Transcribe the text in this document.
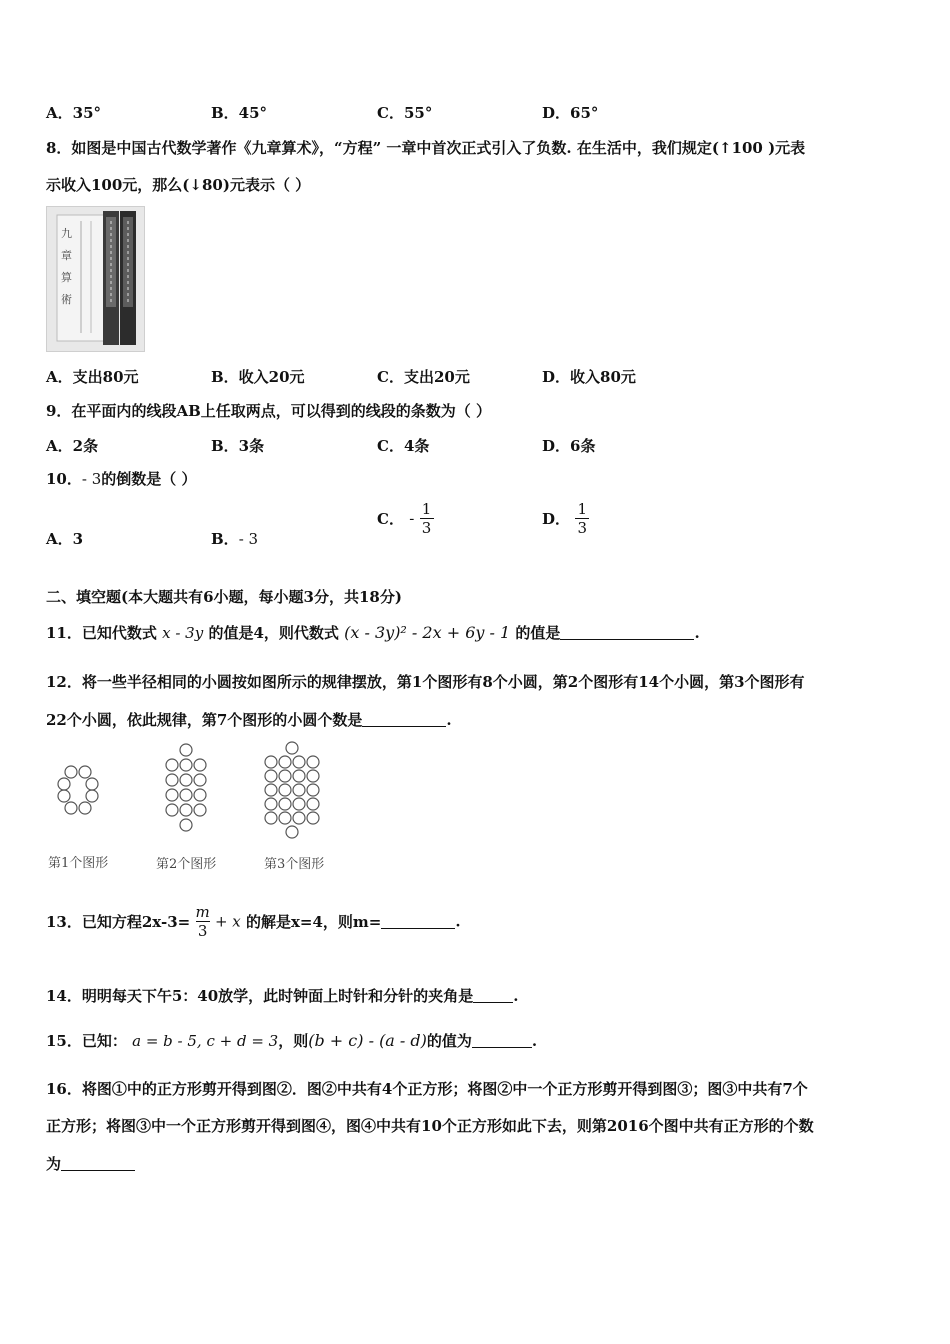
A．35°	B．45°	C．55°	D．65°
8．如图是中国古代数学著作《九章算术》，“方程” 一章中首次正式引入了负数. 在生活中，我们规定(↑100 )元表
示收入100元，那么(↓80)元表示（ ）
九
章
算
術
A．支出80元	B．收入20元	C．支出20元	D．收入80元
9．在平面内的线段AB上任取两点，可以得到的线段的条数为（ ）
A．2条	B．3条	C．4条	D．6条
10．- 3的倒数是（ ）
A．3	B．- 3
C． - $\frac{1}{3}$	D． $\frac{1}{3}$
二、填空题(本大题共有6小题，每小题3分，共18分)
11．已知代数式 x - 3y 的值是4，则代数式 (x - 3y)² - 2x + 6y - 1 的值是	.
12．将一些半径相同的小圆按如图所示的规律摆放，第1个图形有8个小圆，第2个图形有14个小圆，第3个图形有
22个小圆，依此规律，第7个图形的小圆个数是	.
第1个图形	第2个图形	第3个图形
13．已知方程$2x-3= \frac{m}{3} + x$ 的解是x=4，则m=	.
14．明明每天下午5：40放学，此时钟面上时针和分针的夹角是	.
15．已知： a = b - 5, c + d = 3，则(b + c) - (a - d)的值为	.
16．将图①中的正方形剪开得到图②．图②中共有4个正方形；将图②中一个正方形剪开得到图③；图③中共有7个
正方形；将图③中一个正方形剪开得到图④，图④中共有10个正方形如此下去，则第2016个图中共有正方形的个数
为
